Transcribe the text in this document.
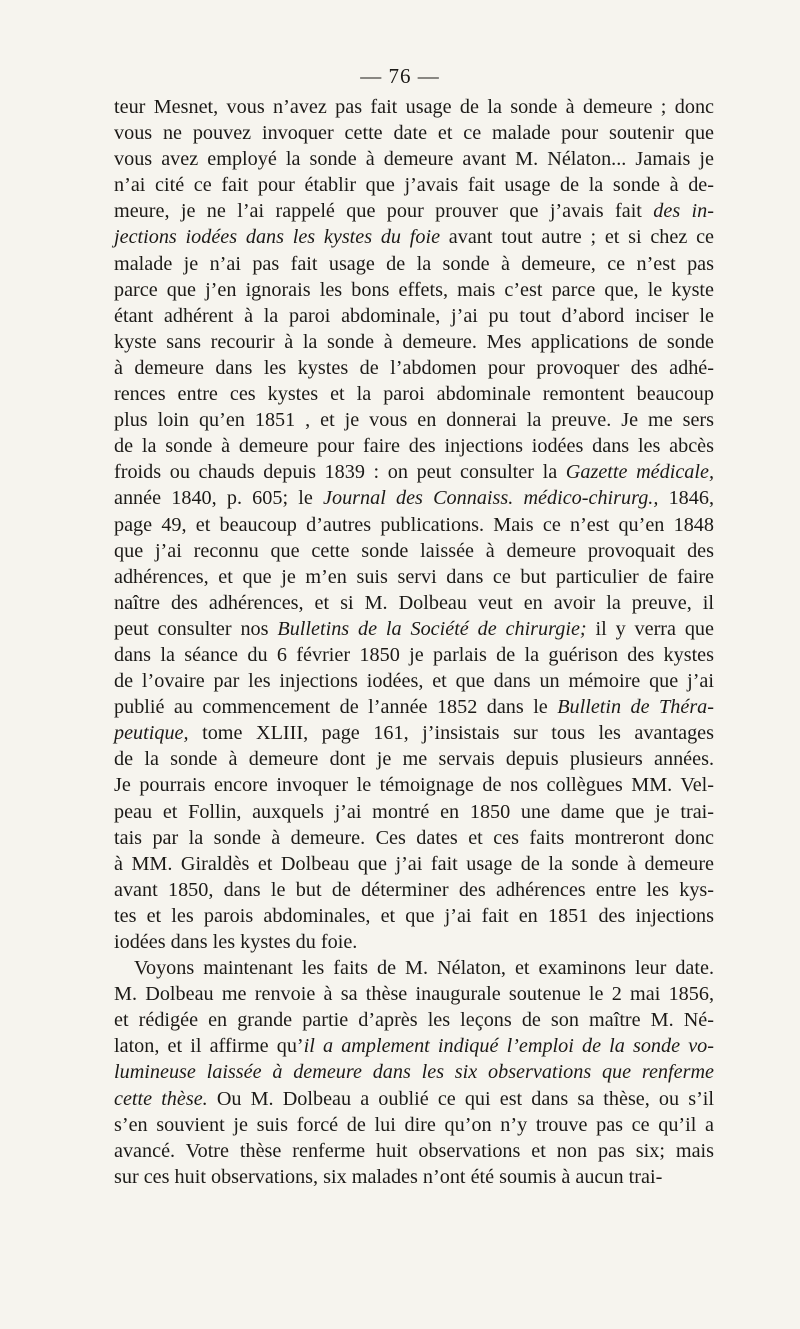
— 76 —
teur Mesnet, vous n’avez pas fait usage de la sonde à demeure ; donc
vous ne pouvez invoquer cette date et ce malade pour soutenir que
vous avez employé la sonde à demeure avant M. Nélaton... Jamais je
n’ai cité ce fait pour établir que j’avais fait usage de la sonde à de-
meure, je ne l’ai rappelé que pour prouver que j’avais fait des in-
jections iodées dans les kystes du foie avant tout autre ; et si chez ce
malade je n’ai pas fait usage de la sonde à demeure, ce n’est pas
parce que j’en ignorais les bons effets, mais c’est parce que, le kyste
étant adhérent à la paroi abdominale, j’ai pu tout d’abord inciser le
kyste sans recourir à la sonde à demeure. Mes applications de sonde
à demeure dans les kystes de l’abdomen pour provoquer des adhé-
rences entre ces kystes et la paroi abdominale remontent beaucoup
plus loin qu’en 1851 , et je vous en donnerai la preuve. Je me sers
de la sonde à demeure pour faire des injections iodées dans les abcès
froids ou chauds depuis 1839 : on peut consulter la Gazette médicale,
année 1840, p. 605; le Journal des Connaiss. médico-chirurg., 1846,
page 49, et beaucoup d’autres publications. Mais ce n’est qu’en 1848
que j’ai reconnu que cette sonde laissée à demeure provoquait des
adhérences, et que je m’en suis servi dans ce but particulier de faire
naître des adhérences, et si M. Dolbeau veut en avoir la preuve, il
peut consulter nos Bulletins de la Société de chirurgie; il y verra que
dans la séance du 6 février 1850 je parlais de la guérison des kystes
de l’ovaire par les injections iodées, et que dans un mémoire que j’ai
publié au commencement de l’année 1852 dans le Bulletin de Théra-
peutique, tome XLIII, page 161, j’insistais sur tous les avantages
de la sonde à demeure dont je me servais depuis plusieurs années.
Je pourrais encore invoquer le témoignage de nos collègues MM. Vel-
peau et Follin, auxquels j’ai montré en 1850 une dame que je trai-
tais par la sonde à demeure. Ces dates et ces faits montreront donc
à MM. Giraldès et Dolbeau que j’ai fait usage de la sonde à demeure
avant 1850, dans le but de déterminer des adhérences entre les kys-
tes et les parois abdominales, et que j’ai fait en 1851 des injections
iodées dans les kystes du foie.
Voyons maintenant les faits de M. Nélaton, et examinons leur date.
M. Dolbeau me renvoie à sa thèse inaugurale soutenue le 2 mai 1856,
et rédigée en grande partie d’après les leçons de son maître M. Né-
laton, et il affirme qu’il a amplement indiqué l’emploi de la sonde vo-
lumineuse laissée à demeure dans les six observations que renferme
cette thèse. Ou M. Dolbeau a oublié ce qui est dans sa thèse, ou s’il
s’en souvient je suis forcé de lui dire qu’on n’y trouve pas ce qu’il a
avancé. Votre thèse renferme huit observations et non pas six; mais
sur ces huit observations, six malades n’ont été soumis à aucun trai-
